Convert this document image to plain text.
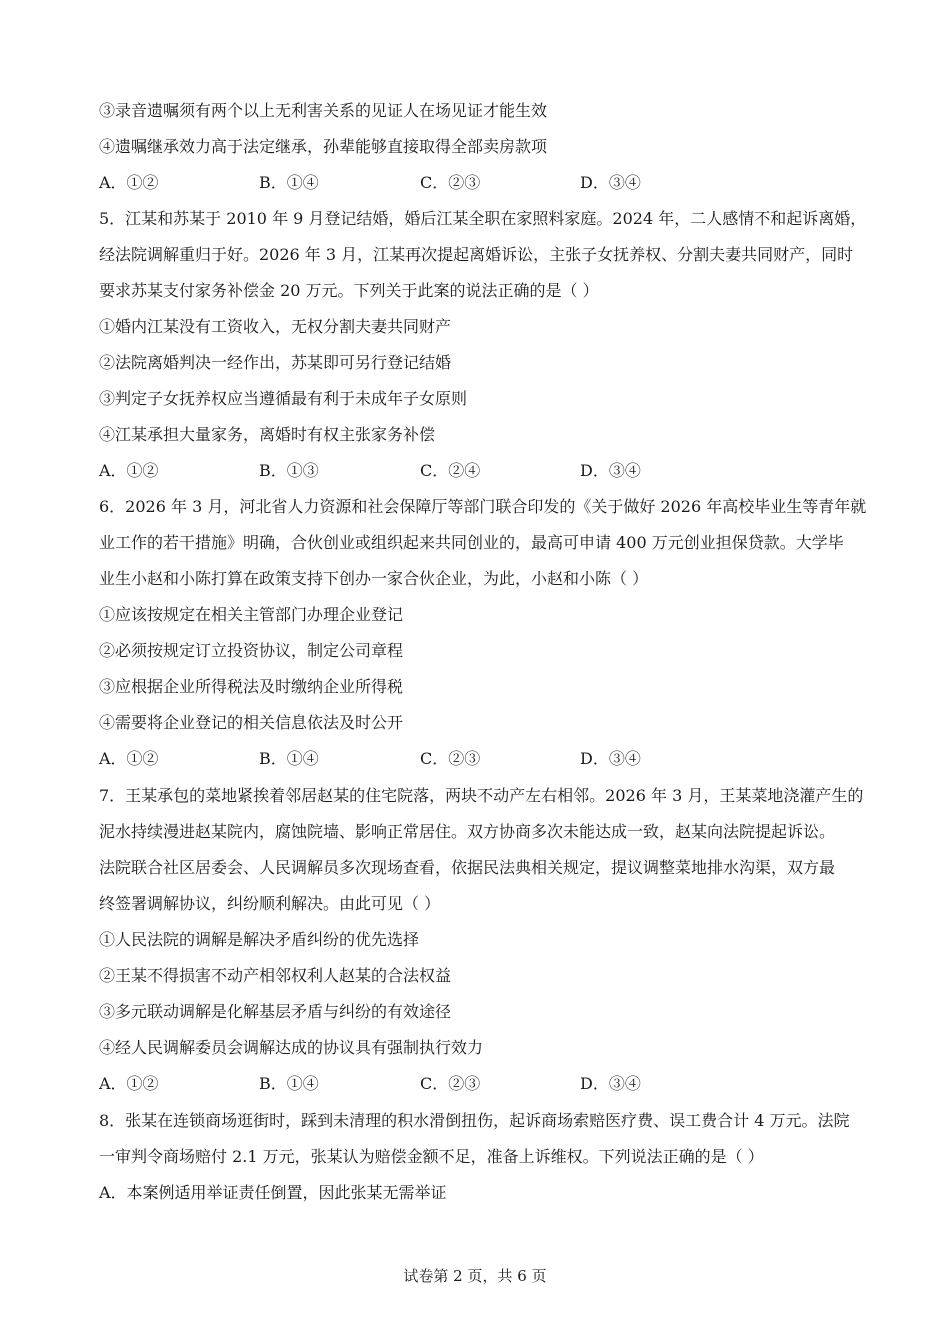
③录音遗嘱须有两个以上无利害关系的见证人在场见证才能生效
④遗嘱继承效力高于法定继承，孙辈能够直接取得全部卖房款项
A．①②	B．①④	C．②③	D．③④
5．江某和苏某于 2010 年 9 月登记结婚，婚后江某全职在家照料家庭。2024 年，二人感情不和起诉离婚，
经法院调解重归于好。2026 年 3 月，江某再次提起离婚诉讼，主张子女抚养权、分割夫妻共同财产，同时
要求苏某支付家务补偿金 20 万元。下列关于此案的说法正确的是（ ）
①婚内江某没有工资收入，无权分割夫妻共同财产
②法院离婚判决一经作出，苏某即可另行登记结婚
③判定子女抚养权应当遵循最有利于未成年子女原则
④江某承担大量家务，离婚时有权主张家务补偿
A．①②	B．①③	C．②④	D．③④
6．2026 年 3 月，河北省人力资源和社会保障厅等部门联合印发的《关于做好 2026 年高校毕业生等青年就
业工作的若干措施》明确，合伙创业或组织起来共同创业的，最高可申请 400 万元创业担保贷款。大学毕
业生小赵和小陈打算在政策支持下创办一家合伙企业，为此，小赵和小陈（ ）
①应该按规定在相关主管部门办理企业登记
②必须按规定订立投资协议，制定公司章程
③应根据企业所得税法及时缴纳企业所得税
④需要将企业登记的相关信息依法及时公开
A．①②	B．①④	C．②③	D．③④
7．王某承包的菜地紧挨着邻居赵某的住宅院落，两块不动产左右相邻。2026 年 3 月，王某菜地浇灌产生的
泥水持续漫进赵某院内，腐蚀院墙、影响正常居住。双方协商多次未能达成一致，赵某向法院提起诉讼。
法院联合社区居委会、人民调解员多次现场查看，依据民法典相关规定，提议调整菜地排水沟渠，双方最
终签署调解协议，纠纷顺利解决。由此可见（ ）
①人民法院的调解是解决矛盾纠纷的优先选择
②王某不得损害不动产相邻权利人赵某的合法权益
③多元联动调解是化解基层矛盾与纠纷的有效途径
④经人民调解委员会调解达成的协议具有强制执行效力
A．①②	B．①④	C．②③	D．③④
8．张某在连锁商场逛街时，踩到未清理的积水滑倒扭伤，起诉商场索赔医疗费、误工费合计 4 万元。法院
一审判令商场赔付 2.1 万元，张某认为赔偿金额不足，准备上诉维权。下列说法正确的是（ ）
A．本案例适用举证责任倒置，因此张某无需举证
试卷第 2 页，共 6 页
